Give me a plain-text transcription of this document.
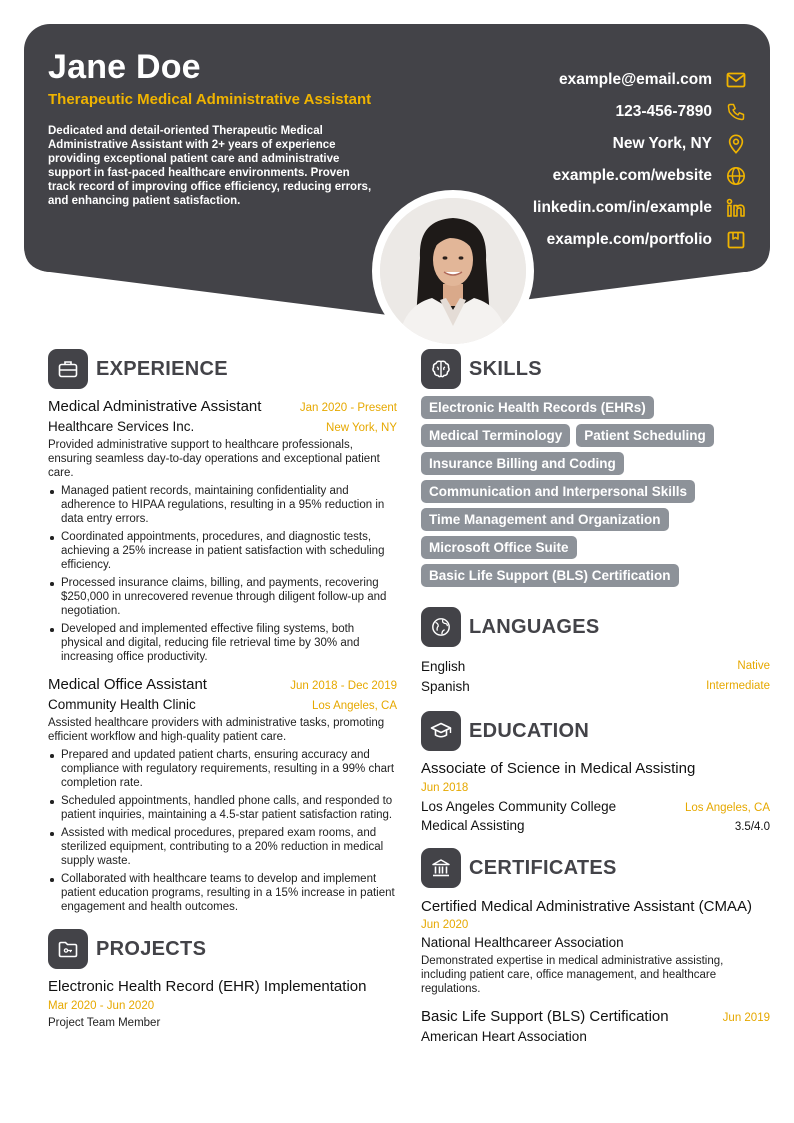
Jane Doe
Therapeutic Medical Administrative Assistant
Dedicated and detail-oriented Therapeutic Medical Administrative Assistant with 2+ years of experience providing exceptional patient care and administrative support in fast-paced healthcare environments. Proven track record of improving office efficiency, reducing errors, and enhancing patient satisfaction.
example@email.com
123-456-7890
New York, NY
example.com/website
linkedin.com/in/example
example.com/portfolio
EXPERIENCE
Medical Administrative Assistant	Jan 2020 - Present
Healthcare Services Inc.	New York, NY
Provided administrative support to healthcare professionals, ensuring seamless day-to-day operations and exceptional patient care.
Managed patient records, maintaining confidentiality and adherence to HIPAA regulations, resulting in a 95% reduction in data entry errors.
Coordinated appointments, procedures, and diagnostic tests, achieving a 25% increase in patient satisfaction with scheduling efficiency.
Processed insurance claims, billing, and payments, recovering $250,000 in unrecovered revenue through diligent follow-up and negotiation.
Developed and implemented effective filing systems, both physical and digital, reducing file retrieval time by 30% and increasing office productivity.
Medical Office Assistant	Jun 2018 - Dec 2019
Community Health Clinic	Los Angeles, CA
Assisted healthcare providers with administrative tasks, promoting efficient workflow and high-quality patient care.
Prepared and updated patient charts, ensuring accuracy and compliance with regulatory requirements, resulting in a 99% chart completion rate.
Scheduled appointments, handled phone calls, and responded to patient inquiries, maintaining a 4.5-star patient satisfaction rating.
Assisted with medical procedures, prepared exam rooms, and sterilized equipment, contributing to a 20% reduction in medical supply waste.
Collaborated with healthcare teams to develop and implement patient education programs, resulting in a 15% increase in patient engagement and health outcomes.
PROJECTS
Electronic Health Record (EHR) Implementation
Mar 2020 - Jun 2020
Project Team Member
SKILLS
Electronic Health Records (EHRs)
Medical Terminology	Patient Scheduling
Insurance Billing and Coding
Communication and Interpersonal Skills
Time Management and Organization
Microsoft Office Suite
Basic Life Support (BLS) Certification
LANGUAGES
English	Native
Spanish	Intermediate
EDUCATION
Associate of Science in Medical Assisting
Jun 2018
Los Angeles Community College	Los Angeles, CA
Medical Assisting	3.5/4.0
CERTIFICATES
Certified Medical Administrative Assistant (CMAA)
Jun 2020
National Healthcareer Association
Demonstrated expertise in medical administrative assisting, including patient care, office management, and healthcare regulations.
Basic Life Support (BLS) Certification	Jun 2019
American Heart Association
